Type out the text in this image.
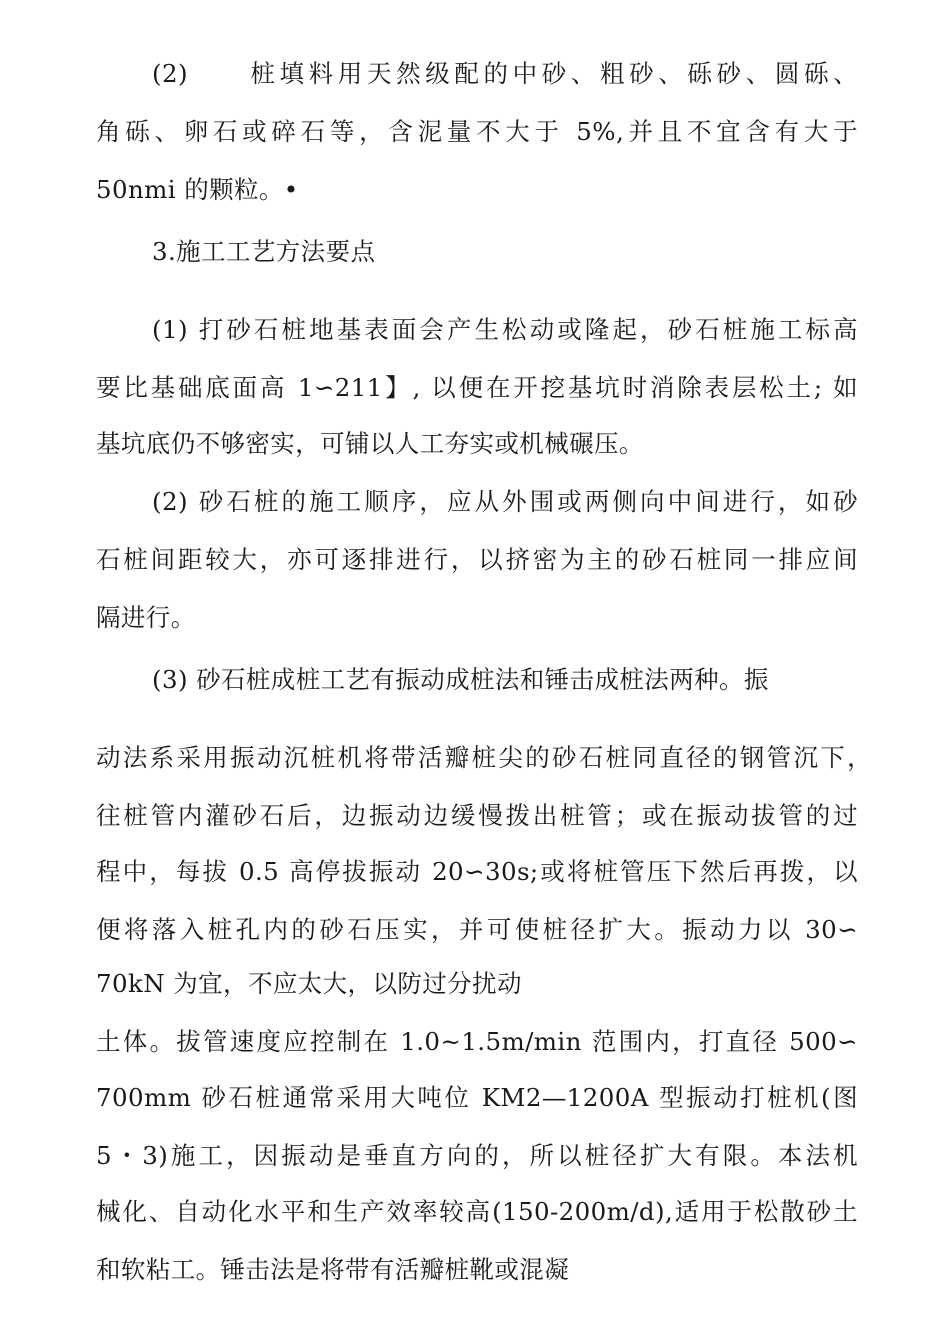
(2)　　桩填料用天然级配的中砂、粗砂、砾砂、圆砾、
角砾、卵石或碎石等，含泥量不大于 5%,并且不宜含有大于
50nmi 的颗粒。•
3.施工工艺方法要点
(1) 打砂石桩地基表面会产生松动或隆起，砂石桩施工标高
要比基础底面高 1∽211】, 以便在开挖基坑时消除表层松土; 如
基坑底仍不够密实，可铺以人工夯实或机械碾压。
(2) 砂石桩的施工顺序，应从外围或两侧向中间进行，如砂
石桩间距较大，亦可逐排进行，以挤密为主的砂石桩同一排应间
隔进行。
(3) 砂石桩成桩工艺有振动成桩法和锤击成桩法两种。振
动法系采用振动沉桩机将带活瓣桩尖的砂石桩同直径的钢管沉下，
往桩管内灌砂石后，边振动边缓慢拨出桩管；或在振动拔管的过
程中，每拔 0.5 高停拔振动 20∽30s;或将桩管压下然后再拨，以
便将落入桩孔内的砂石压实，并可使桩径扩大。振动力以 30∽
70kN 为宜，不应太大，以防过分扰动
土体。拔管速度应控制在 1.0~1.5m/min 范围内，打直径 500∽
700mm 砂石桩通常采用大吨位 KM2—1200A 型振动打桩机(图
5・3)施工，因振动是垂直方向的，所以桩径扩大有限。本法机
械化、自动化水平和生产效率较高(150-200m/d),适用于松散砂土
和软粘工。锤击法是将带有活瓣桩靴或混凝
